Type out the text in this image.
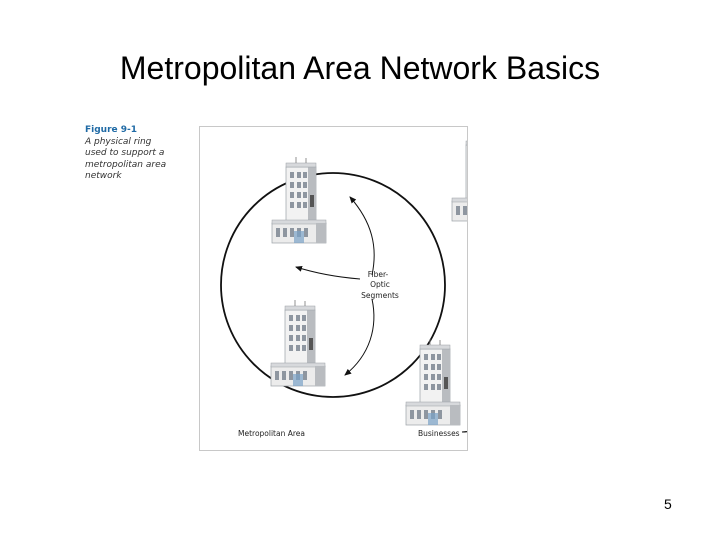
Metropolitan Area Network Basics
Figure 9-1
A physical ring
used to support a
metropolitan area
network
Fiber-
Optic
Segments
Metropolitan Area	Businesses
5
